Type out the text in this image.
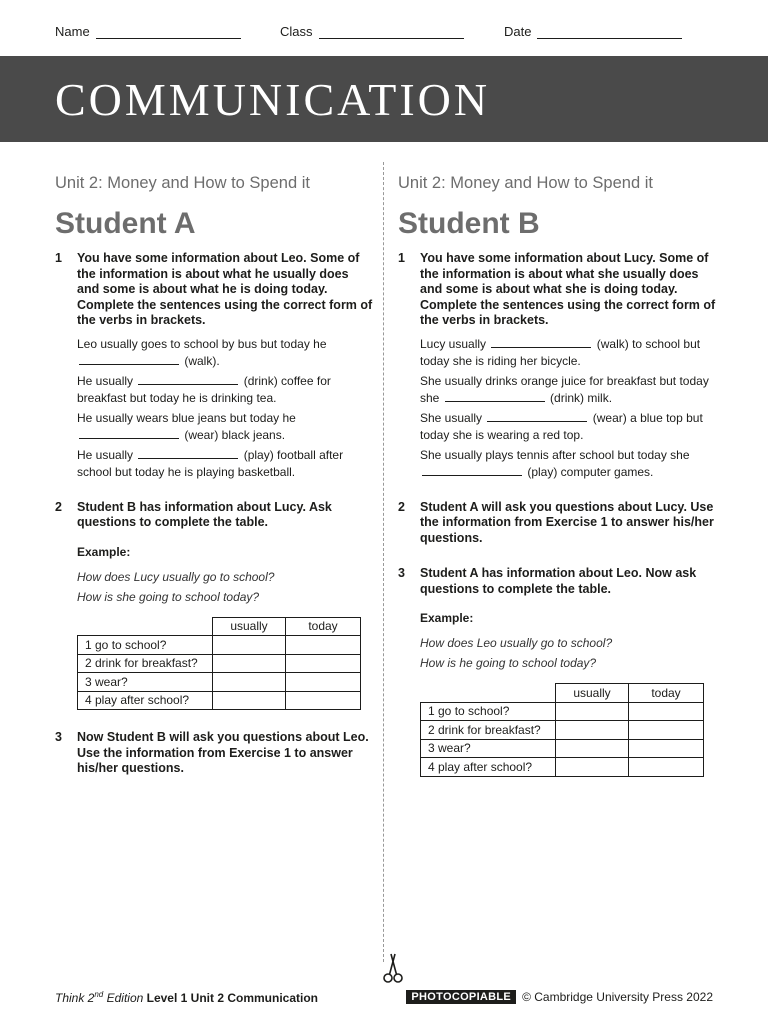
Name	Class	Date
COMMUNICATION
Unit 2: Money and How to Spend it
Student A
1 You have some information about Leo. Some of the information is about what he usually does and some is about what he is doing today. Complete the sentences using the correct form of the verbs in brackets.
Leo usually goes to school by bus but today he
(walk).
He usually	(drink) coffee for breakfast but today he is drinking tea.
He usually wears blue jeans but today he
(wear) black jeans.
He usually	(play) football after school but today he is playing basketball.
2 Student B has information about Lucy. Ask questions to complete the table.
Example:
How does Lucy usually go to school?
How is she going to school today?
	usually	today
1 go to school?		
2 drink for breakfast?		
3 wear?		
4 play after school?		
3 Now Student B will ask you questions about Leo. Use the information from Exercise 1 to answer his/her questions.
Unit 2: Money and How to Spend it
Student B
1 You have some information about Lucy. Some of the information is about what she usually does and some is about what she is doing today. Complete the sentences using the correct form of the verbs in brackets.
Lucy usually	(walk) to school but today she is riding her bicycle.
She usually drinks orange juice for breakfast but today she	(drink) milk.
She usually	(wear) a blue top but today she is wearing a red top.
She usually plays tennis after school but today she
(play) computer games.
2 Student A will ask you questions about Lucy. Use the information from Exercise 1 to answer his/her questions.
3 Student A has information about Leo. Now ask questions to complete the table.
Example:
How does Leo usually go to school?
How is he going to school today?
	usually	today
1 go to school?		
2 drink for breakfast?		
3 wear?		
4 play after school?		
Think 2nd Edition Level 1 Unit 2 Communication	PHOTOCOPIABLE © Cambridge University Press 2022
